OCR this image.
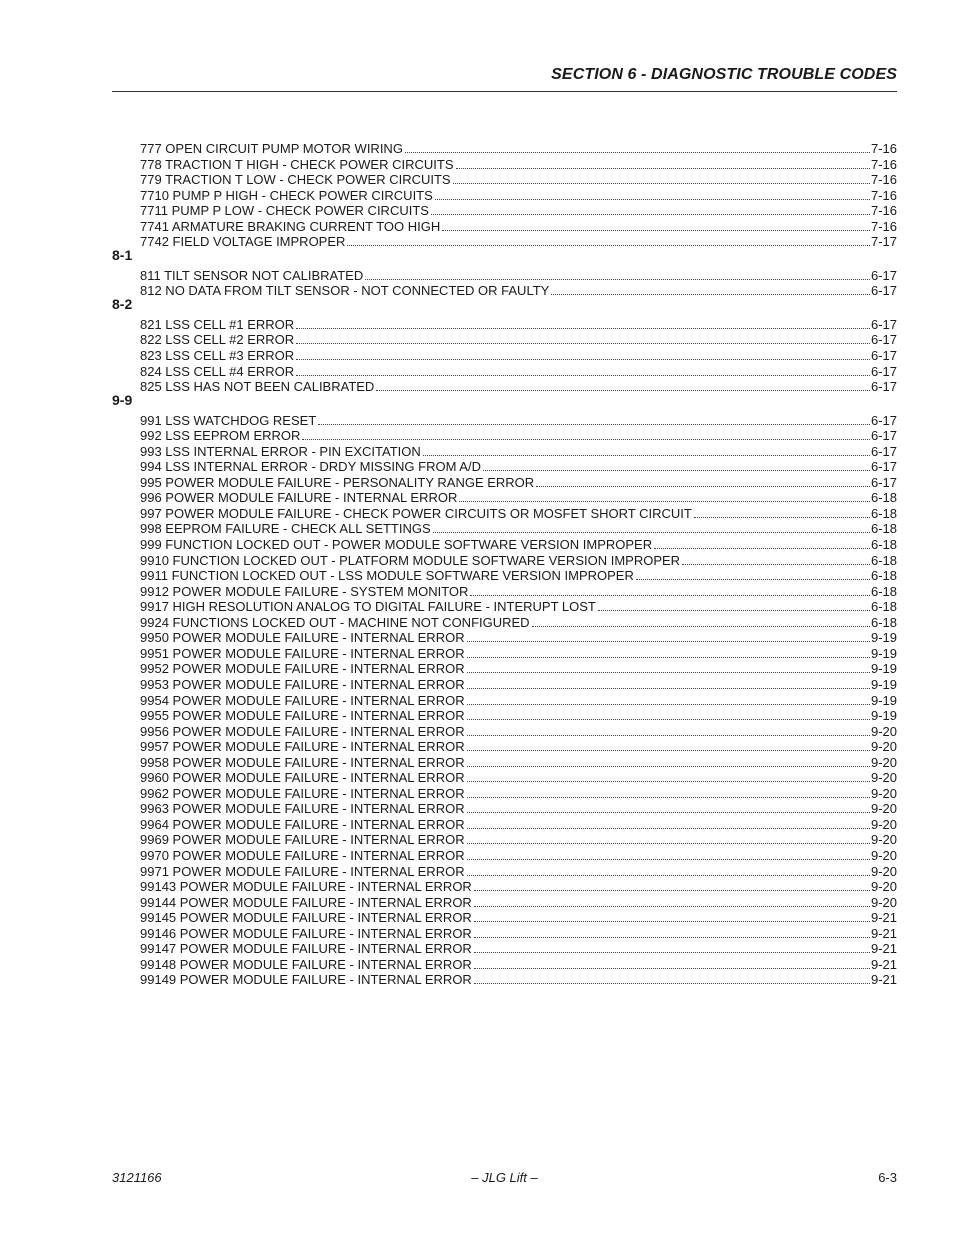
SECTION 6 - DIAGNOSTIC TROUBLE CODES
777 OPEN CIRCUIT PUMP MOTOR WIRING	7-16
778 TRACTION T HIGH - CHECK POWER CIRCUITS	7-16
779 TRACTION T LOW - CHECK POWER CIRCUITS	7-16
7710 PUMP P HIGH - CHECK POWER CIRCUITS	7-16
7711 PUMP P LOW - CHECK POWER CIRCUITS	7-16
7741 ARMATURE BRAKING CURRENT TOO HIGH	7-16
7742 FIELD VOLTAGE IMPROPER	7-17
8-1
811 TILT SENSOR NOT CALIBRATED	6-17
812 NO DATA FROM TILT SENSOR - NOT CONNECTED OR FAULTY	6-17
8-2
821 LSS CELL #1 ERROR	6-17
822 LSS CELL #2 ERROR	6-17
823 LSS CELL #3 ERROR	6-17
824 LSS CELL #4 ERROR	6-17
825 LSS HAS NOT BEEN CALIBRATED	6-17
9-9
991 LSS WATCHDOG RESET	6-17
992 LSS EEPROM ERROR	6-17
993 LSS INTERNAL ERROR - PIN EXCITATION	6-17
994 LSS INTERNAL ERROR - DRDY MISSING FROM A/D	6-17
995 POWER MODULE FAILURE - PERSONALITY RANGE ERROR	6-17
996 POWER MODULE FAILURE - INTERNAL ERROR	6-18
997 POWER MODULE FAILURE - CHECK POWER CIRCUITS OR MOSFET SHORT CIRCUIT	6-18
998 EEPROM FAILURE - CHECK ALL SETTINGS	6-18
999 FUNCTION LOCKED OUT - POWER MODULE SOFTWARE VERSION IMPROPER	6-18
9910 FUNCTION LOCKED OUT - PLATFORM MODULE SOFTWARE VERSION IMPROPER	6-18
9911 FUNCTION LOCKED OUT - LSS MODULE SOFTWARE VERSION IMPROPER	6-18
9912 POWER MODULE FAILURE - SYSTEM MONITOR	6-18
9917 HIGH RESOLUTION ANALOG TO DIGITAL FAILURE - INTERUPT LOST	6-18
9924 FUNCTIONS LOCKED OUT - MACHINE NOT CONFIGURED	6-18
9950 POWER MODULE FAILURE - INTERNAL ERROR	9-19
9951 POWER MODULE FAILURE - INTERNAL ERROR	9-19
9952 POWER MODULE FAILURE - INTERNAL ERROR	9-19
9953 POWER MODULE FAILURE - INTERNAL ERROR	9-19
9954 POWER MODULE FAILURE - INTERNAL ERROR	9-19
9955 POWER MODULE FAILURE - INTERNAL ERROR	9-19
9956 POWER MODULE FAILURE - INTERNAL ERROR	9-20
9957 POWER MODULE FAILURE - INTERNAL ERROR	9-20
9958 POWER MODULE FAILURE - INTERNAL ERROR	9-20
9960 POWER MODULE FAILURE - INTERNAL ERROR	9-20
9962 POWER MODULE FAILURE - INTERNAL ERROR	9-20
9963 POWER MODULE FAILURE - INTERNAL ERROR	9-20
9964 POWER MODULE FAILURE - INTERNAL ERROR	9-20
9969 POWER MODULE FAILURE - INTERNAL ERROR	9-20
9970 POWER MODULE FAILURE - INTERNAL ERROR	9-20
9971 POWER MODULE FAILURE - INTERNAL ERROR	9-20
99143 POWER MODULE FAILURE - INTERNAL ERROR	9-20
99144 POWER MODULE FAILURE - INTERNAL ERROR	9-20
99145 POWER MODULE FAILURE - INTERNAL ERROR	9-21
99146 POWER MODULE FAILURE - INTERNAL ERROR	9-21
99147 POWER MODULE FAILURE - INTERNAL ERROR	9-21
99148 POWER MODULE FAILURE - INTERNAL ERROR	9-21
99149 POWER MODULE FAILURE - INTERNAL ERROR	9-21
3121166	– JLG Lift –	6-3
